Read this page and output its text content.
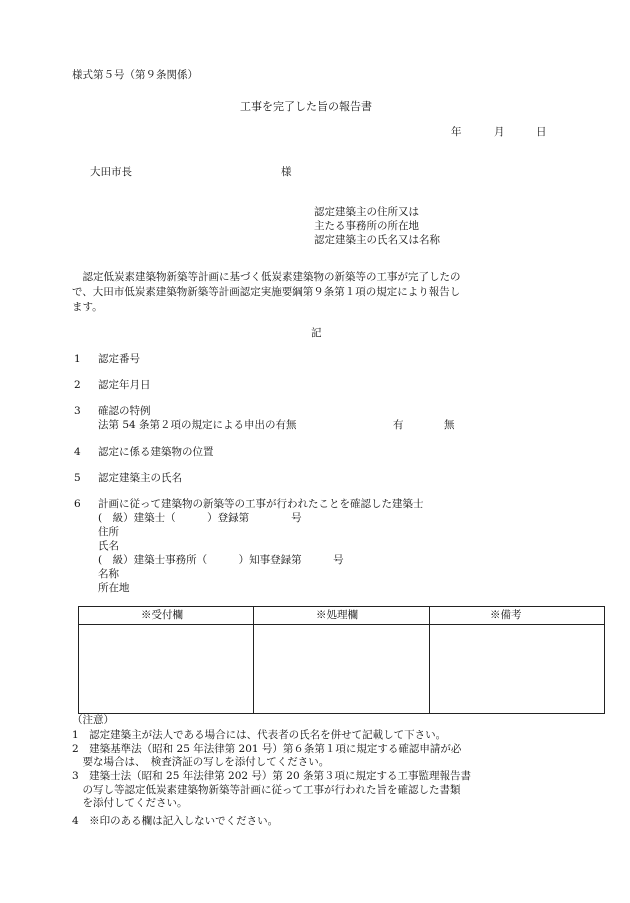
様式第５号（第９条関係）
工事を完了した旨の報告書
年	月	日
大田市長	様
認定建築主の住所又は
主たる事務所の所在地
認定建築主の氏名又は名称
　認定低炭素建築物新築等計画に基づく低炭素建築物の新築等の工事が完了したの
で、大田市低炭素建築物新築等計画認定実施要綱第９条第１項の規定により報告し
ます。
記
1 認定番号
2 認定年月日
3 確認の特例
法第 54 条第２項の規定による申出の有無	有	無
4 認定に係る建築物の位置
5 認定建築主の氏名
6 計画に従って建築物の新築等の工事が行われたことを確認した建築士
(　級）建築士（　　　）登録第　　　　号
住所
氏名
(　級）建築士事務所（　　　）知事登録第　　　号
名称
所在地
※受付欄	※処理欄	※備考
（注意）
1　認定建築主が法人である場合には、代表者の氏名を併せて記載して下さい。
2　建築基準法（昭和 25 年法律第 201 号）第６条第１項に規定する確認申請が必
　要な場合は、　検査済証の写しを添付してください。
3　建築士法（昭和 25 年法律第 202 号）第 20 条第３項に規定する工事監理報告書
　の写し等認定低炭素建築物新築等計画に従って工事が行われた旨を確認した書類
　を添付してください。
4　※印のある欄は記入しないでください。
